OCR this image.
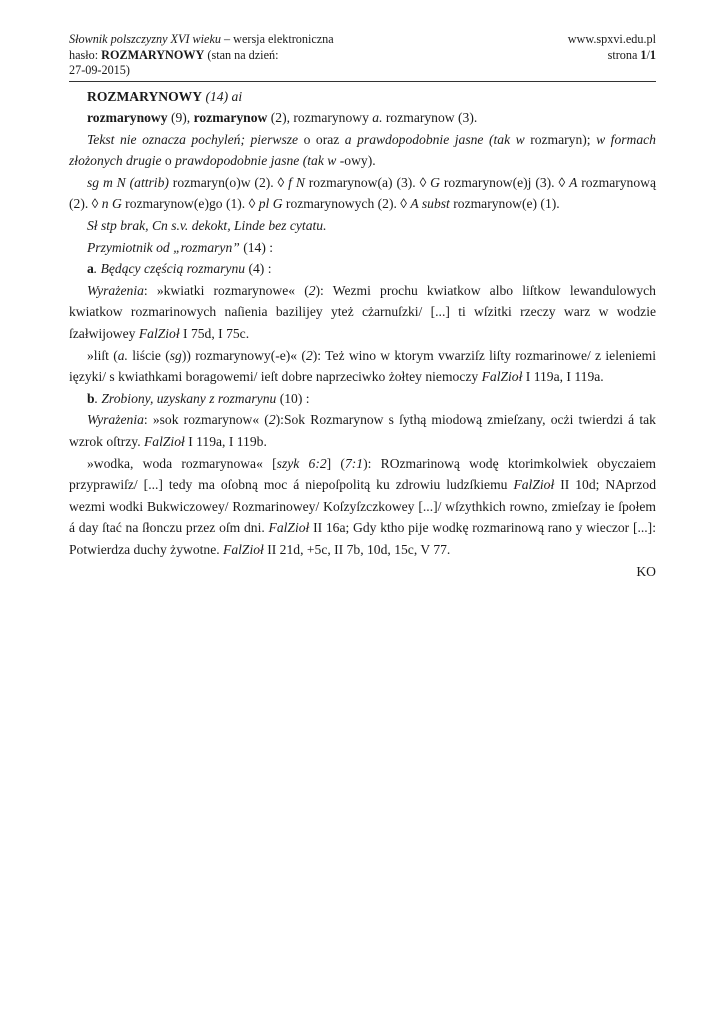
Słownik polszczyzny XVI wieku – wersja elektroniczna
hasło: ROZMARYNOWY (stan na dzień:
27-09-2015)
www.spxvi.edu.pl
strona 1/1

ROZMARYNOWY (14) ai

rozmarynowy (9), rozmarynow (2), rozmarynowy a. rozmarynow (3).

Tekst nie oznacza pochyleń; pierwsze o oraz a prawdopodobnie jasne (tak w rozmaryn); w formach złożonych drugie o prawdopodobnie jasne (tak w -owy).

sg m N (attrib) rozmaryn(o)w (2). ◊ f N rozmarynow(a) (3). ◊ G rozmarynow(e)j (3). ◊ A rozmarynową (2). ◊ n G rozmarynow(e)go (1). ◊ pl G rozmarynowych (2). ◊ A subst rozmarynow(e) (1).

Sł stp brak, Cn s.v. dekokt, Linde bez cytatu.

Przymiotnik od „rozmaryn” (14) :

a. Będący częścią rozmarynu (4) :

Wyrażenia: »kwiatki rozmarynowe« (2): Wezmi prochu kwiatkow albo liſtkow lewandulowych kwiatkow rozmarinowych naſienia bazilijey yteż cżarnuſzki/ [...] ti wſzitki rzeczy warz w wodzie ſzałwijowey FalZioł I 75d, I 75c.

»liſt (a. liście (sg)) rozmarynowy(-e)« (2): Też wino w ktorym vwarziſz liſty rozmarinowe/ z ieleniemi ięzyki/ s kwiathkami boragowemi/ ieſt dobre naprzeciwko żołtey niemoczy FalZioł I 119a, I 119a.

b. Zrobiony, uzyskany z rozmarynu (10) :

Wyrażenia: »sok rozmarynow« (2):Sok Rozmarynow s ſythą miodową zmieſzany, ocżi twierdzi á tak wzrok oſtrzy. FalZioł I 119a, I 119b.

»wodka, woda rozmarynowa« [szyk 6:2] (7:1): ROzmarinową wodę ktorimkolwiek obyczaiem przyprawiſz/ [...] tedy ma oſobną moc á niepoſpolitą ku zdrowiu ludzſkiemu FalZioł II 10d; NAprzod wezmi wodki Bukwiczowey/ Rozmarinowey/ Koſzyſzczkowey [...]/ wſzythkich rowno, zmieſzay ie ſpołem á day ſtać na ſłonczu przez oſm dni. FalZioł II 16a; Gdy ktho pije wodkę rozmarinową rano y wieczor [...]: Potwierdza duchy żywotne. FalZioł II 21d, +5c, II 7b, 10d, 15c, V 77.

KO
